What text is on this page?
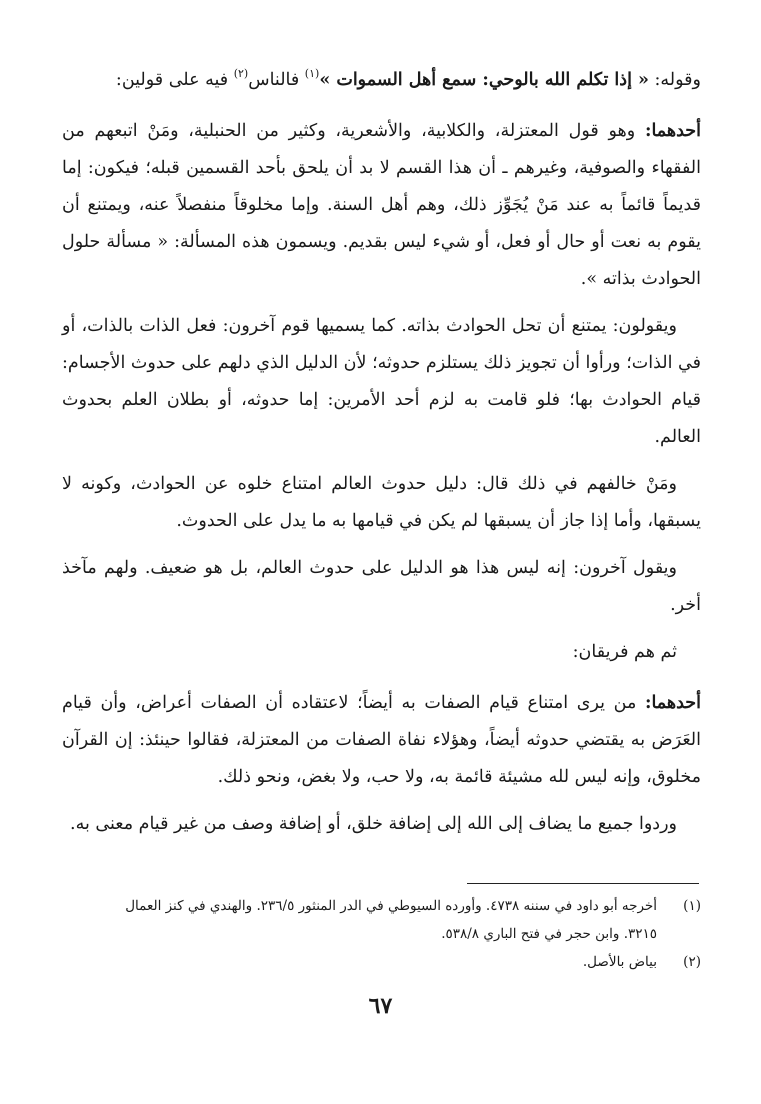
وقوله: « إذا تكلم الله بالوحي: سمع أهل السموات »$^{(١)}$ فالناس$^{(٢)}$ فيه على قولين:

أحدهما: وهو قول المعتزلة، والكلابية، والأشعرية، وكثير من الحنبلية، ومَنْ اتبعهم من الفقهاء والصوفية، وغيرهم ـ أن هذا القسم لا بد أن يلحق بأحد القسمين قبله؛ فيكون: إما قديماً قائماً به عند مَنْ يُجَوِّز ذلك، وهم أهل السنة. وإما مخلوقاً منفصلاً عنه، ويمتنع أن يقوم به نعت أو حال أو فعل، أو شيء ليس بقديم. ويسمون هذه المسألة: « مسألة حلول الحوادث بذاته ».

ويقولون: يمتنع أن تحل الحوادث بذاته. كما يسميها قوم آخرون: فعل الذات بالذات، أو في الذات؛ ورأوا أن تجويز ذلك يستلزم حدوثه؛ لأن الدليل الذي دلهم على حدوث الأجسام: قيام الحوادث بها؛ فلو قامت به لزم أحد الأمرين: إما حدوثه، أو بطلان العلم بحدوث العالم.

ومَنْ خالفهم في ذلك قال: دليل حدوث العالم امتناع خلوه عن الحوادث، وكونه لا يسبقها، وأما إذا جاز أن يسبقها لم يكن في قيامها به ما يدل على الحدوث.

ويقول آخرون: إنه ليس هذا هو الدليل على حدوث العالم، بل هو ضعيف. ولهم مآخذ أخر.

ثم هم فريقان:

أحدهما: من يرى امتناع قيام الصفات به أيضاً؛ لاعتقاده أن الصفات أعراض، وأن قيام العَرَض به يقتضي حدوثه أيضاً، وهؤلاء نفاة الصفات من المعتزلة، فقالوا حينئذ: إن القرآن مخلوق، وإنه ليس لله مشيئة قائمة به، ولا حب، ولا بغض، ونحو ذلك.

وردوا جميع ما يضاف إلى الله إلى إضافة خلق، أو إضافة وصف من غير قيام معنى به.

(١)
أخرجه أبو داود في سننه ٤٧٣٨. وأورده السيوطي في الدر المنثور ٢٣٦/٥. والهندي في كنز العمال
٣٢١٥. وابن حجر في فتح الباري ٥٣٨/٨.

(٢)
بياض بالأصل.

٦٧
